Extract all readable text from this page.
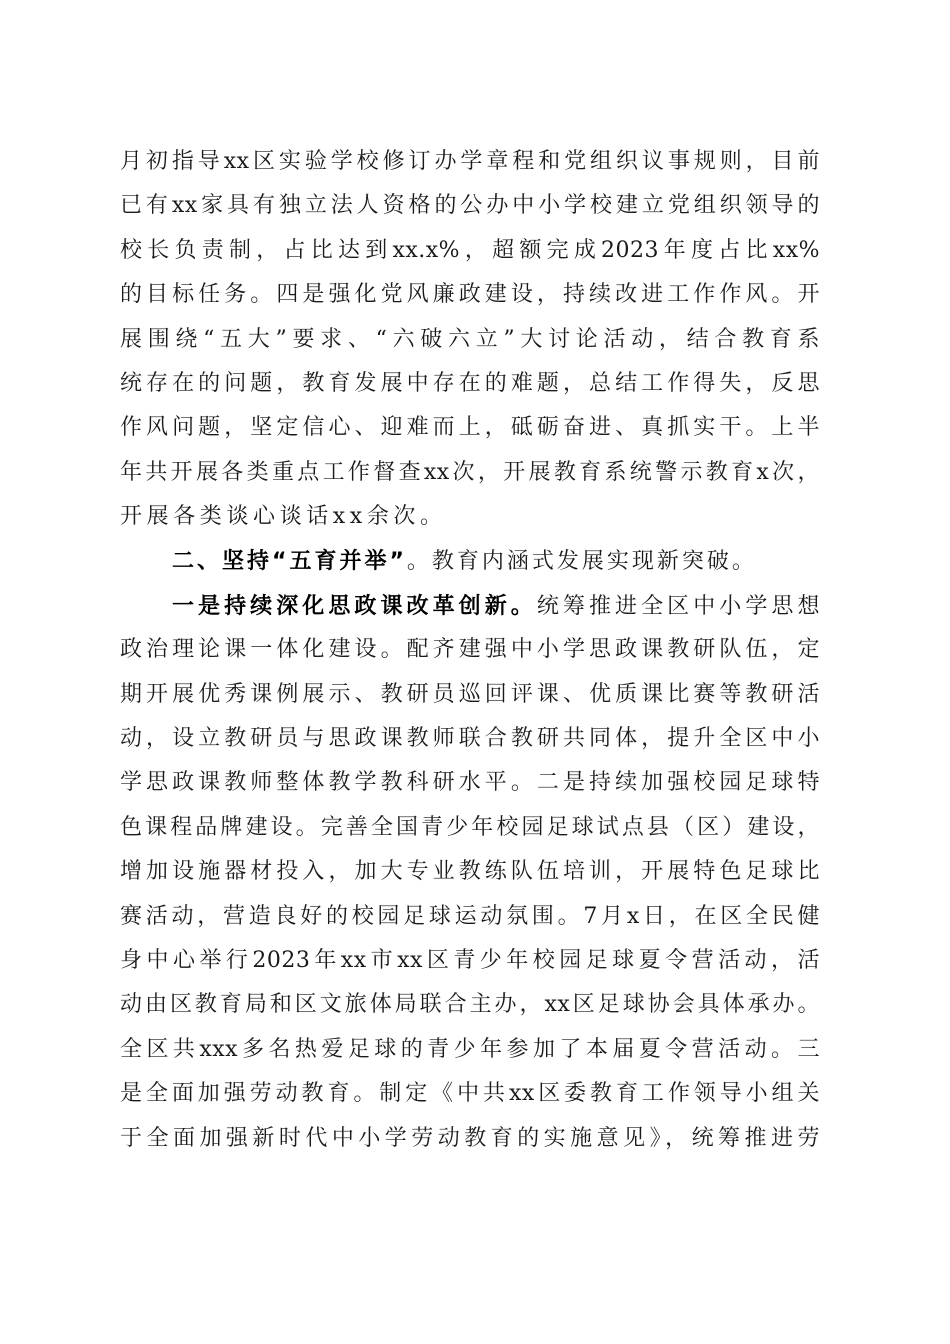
月初指导xx区实验学校修订办学章程和党组织议事规则，目前
已有xx家具有独立法人资格的公办中小学校建立党组织领导的
校长负责制，占比达到xx.x%，超额完成2023年度占比xx%
的目标任务。四是强化党风廉政建设，持续改进工作作风。开
展围绕“五大”要求、“六破六立”大讨论活动，结合教育系
统存在的问题，教育发展中存在的难题，总结工作得失，反思
作风问题，坚定信心、迎难而上，砥砺奋进、真抓实干。上半
年共开展各类重点工作督查xx次，开展教育系统警示教育x次，
开展各类谈心谈话xx余次。
二、坚持“五育并举”。教育内涵式发展实现新突破。
一是持续深化思政课改革创新。统筹推进全区中小学思想
政治理论课一体化建设。配齐建强中小学思政课教研队伍，定
期开展优秀课例展示、教研员巡回评课、优质课比赛等教研活
动，设立教研员与思政课教师联合教研共同体，提升全区中小
学思政课教师整体教学教科研水平。二是持续加强校园足球特
色课程品牌建设。完善全国青少年校园足球试点县（区）建设，
增加设施器材投入，加大专业教练队伍培训，开展特色足球比
赛活动，营造良好的校园足球运动氛围。7月x日，在区全民健
身中心举行2023年xx市xx区青少年校园足球夏令营活动，活
动由区教育局和区文旅体局联合主办，xx区足球协会具体承办。
全区共xxx多名热爱足球的青少年参加了本届夏令营活动。三
是全面加强劳动教育。制定《中共xx区委教育工作领导小组关
于全面加强新时代中小学劳动教育的实施意见》，统筹推进劳
